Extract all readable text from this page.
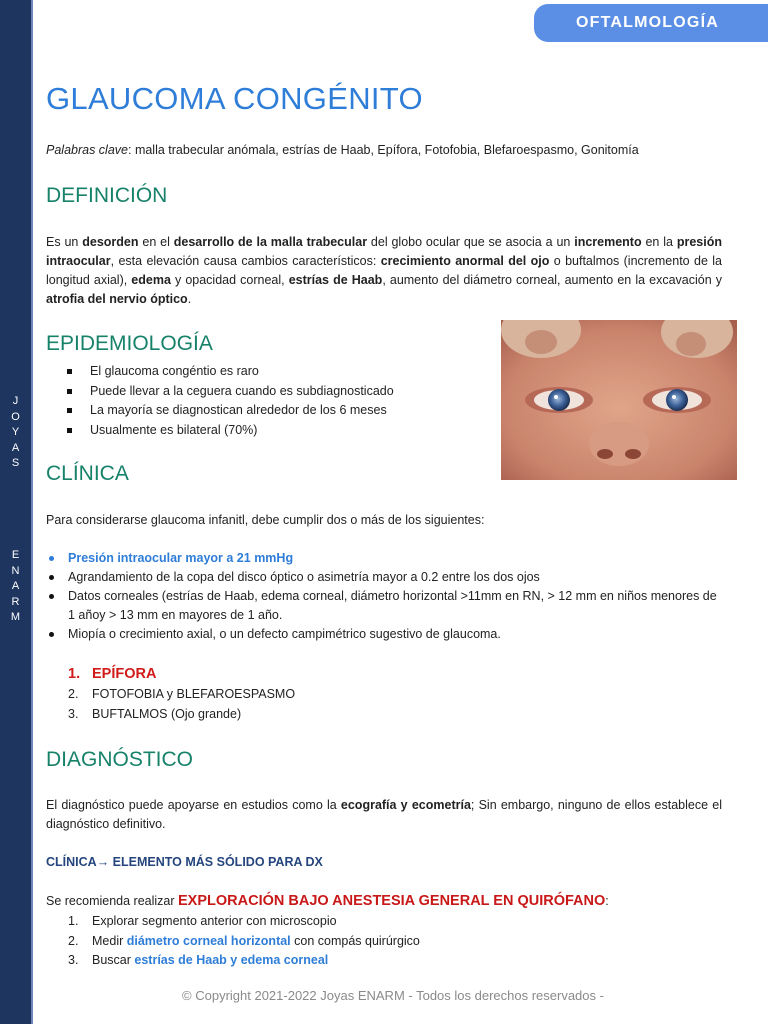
J
O
Y
A
S
E
N
A
R
M
OFTALMOLOGÍA
GLAUCOMA CONGÉNITO
Palabras clave: malla trabecular anómala, estrías de Haab, Epífora, Fotofobia, Blefaroespasmo, Gonitomía
DEFINICIÓN

Es un desorden en el desarrollo de la malla trabecular del globo ocular que se asocia a un incremento en la presión intraocular, esta elevación causa cambios característicos: crecimiento anormal del ojo o buftalmos (incremento de la longitud axial), edema y opacidad corneal, estrías de Haab, aumento del diámetro corneal, aumento en la excavación y atrofia del nervio óptico.

EPIDEMIOLOGÍA
El glaucoma congéntio es raro
Puede llevar a la ceguera cuando es subdiagnosticado
La mayoría se diagnostican alrededor de los 6 meses
Usualmente es bilateral (70%)
CLÍNICA

Para considerarse glaucoma infanitl, debe cumplir dos o más de los siguientes:

Presión intraocular mayor a 21 mmHg
Agrandamiento de la copa del disco óptico o asimetría mayor a 0.2 entre los dos ojos
Datos corneales (estrías de Haab, edema corneal, diámetro horizontal >11mm en RN, > 12 mm en niños menores de 1 añoy > 13 mm en mayores de 1 año.
Miopía o crecimiento axial, o un defecto campimétrico sugestivo de glaucoma.
1. EPÍFORA
2. FOTOFOBIA y BLEFAROESPASMO
3. BUFTALMOS (Ojo grande)
DIAGNÓSTICO

El diagnóstico puede apoyarse en estudios como la ecografía y ecometría; Sin embargo, ninguno de ellos establece el diagnóstico definitivo.

CLÍNICA→ ELEMENTO MÁS SÓLIDO PARA DX
Se recomienda realizar EXPLORACIÓN BAJO ANESTESIA GENERAL EN QUIRÓFANO:
1. Explorar segmento anterior con microscopio
2. Medir diámetro corneal horizontal con compás quirúrgico
3. Buscar estrías de Haab y edema corneal
© Copyright 2021-2022 Joyas ENARM - Todos los derechos reservados -
